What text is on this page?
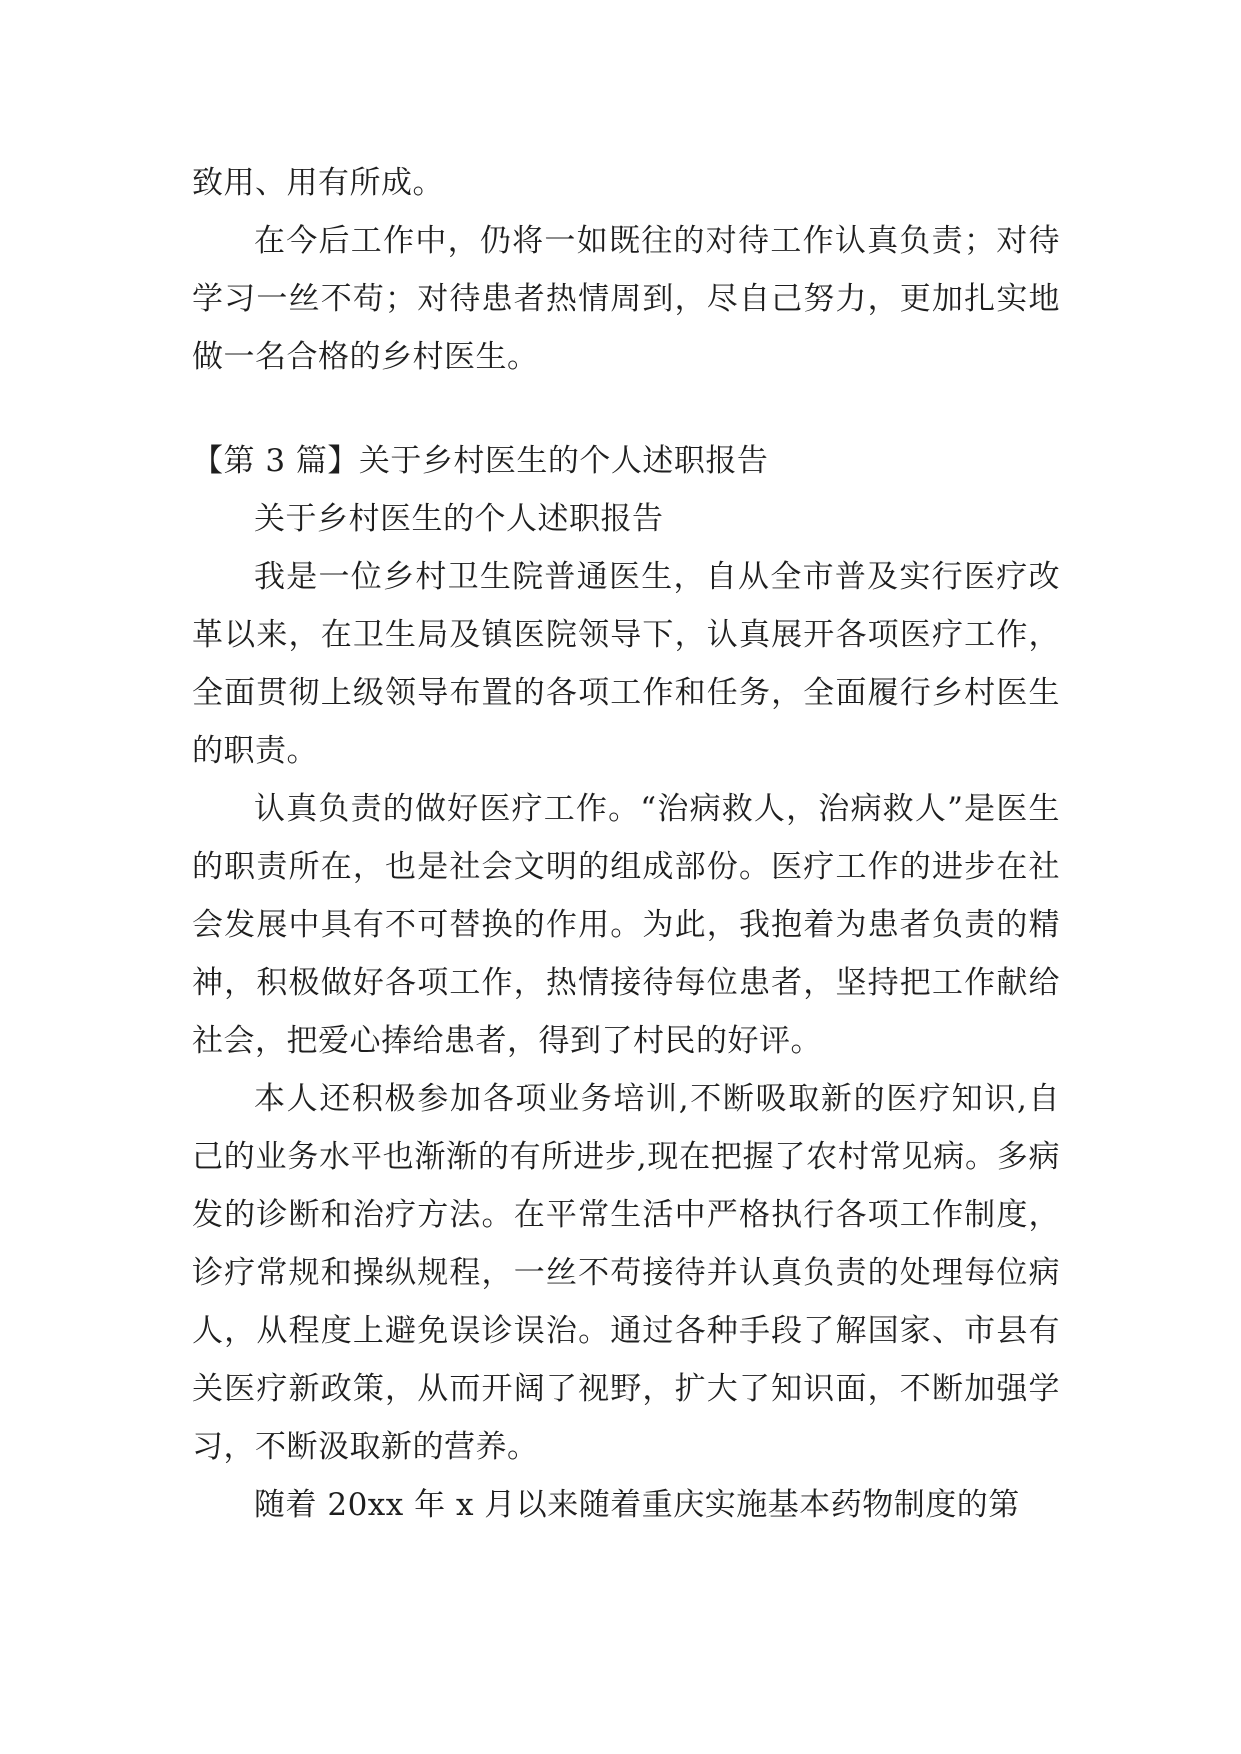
致用、用有所成。

在今后工作中，仍将一如既往的对待工作认真负责；对待学习一丝不苟；对待患者热情周到，尽自己努力，更加扎实地做一名合格的乡村医生。

【第 3 篇】关于乡村医生的个人述职报告

关于乡村医生的个人述职报告

我是一位乡村卫生院普通医生，自从全市普及实行医疗改革以来，在卫生局及镇医院领导下，认真展开各项医疗工作，全面贯彻上级领导布置的各项工作和任务，全面履行乡村医生的职责。

认真负责的做好医疗工作。“治病救人，治病救人”是医生的职责所在，也是社会文明的组成部份。医疗工作的进步在社会发展中具有不可替换的作用。为此，我抱着为患者负责的精神，积极做好各项工作，热情接待每位患者，坚持把工作献给社会，把爱心捧给患者，得到了村民的好评。

本人还积极参加各项业务培训,不断吸取新的医疗知识,自己的业务水平也渐渐的有所进步,现在把握了农村常见病。多病发的诊断和治疗方法。在平常生活中严格执行各项工作制度，诊疗常规和操纵规程，一丝不苟接待并认真负责的处理每位病人，从程度上避免误诊误治。通过各种手段了解国家、市县有关医疗新政策，从而开阔了视野，扩大了知识面，不断加强学习，不断汲取新的营养。

随着 20xx 年 x 月以来随着重庆实施基本药物制度的第
